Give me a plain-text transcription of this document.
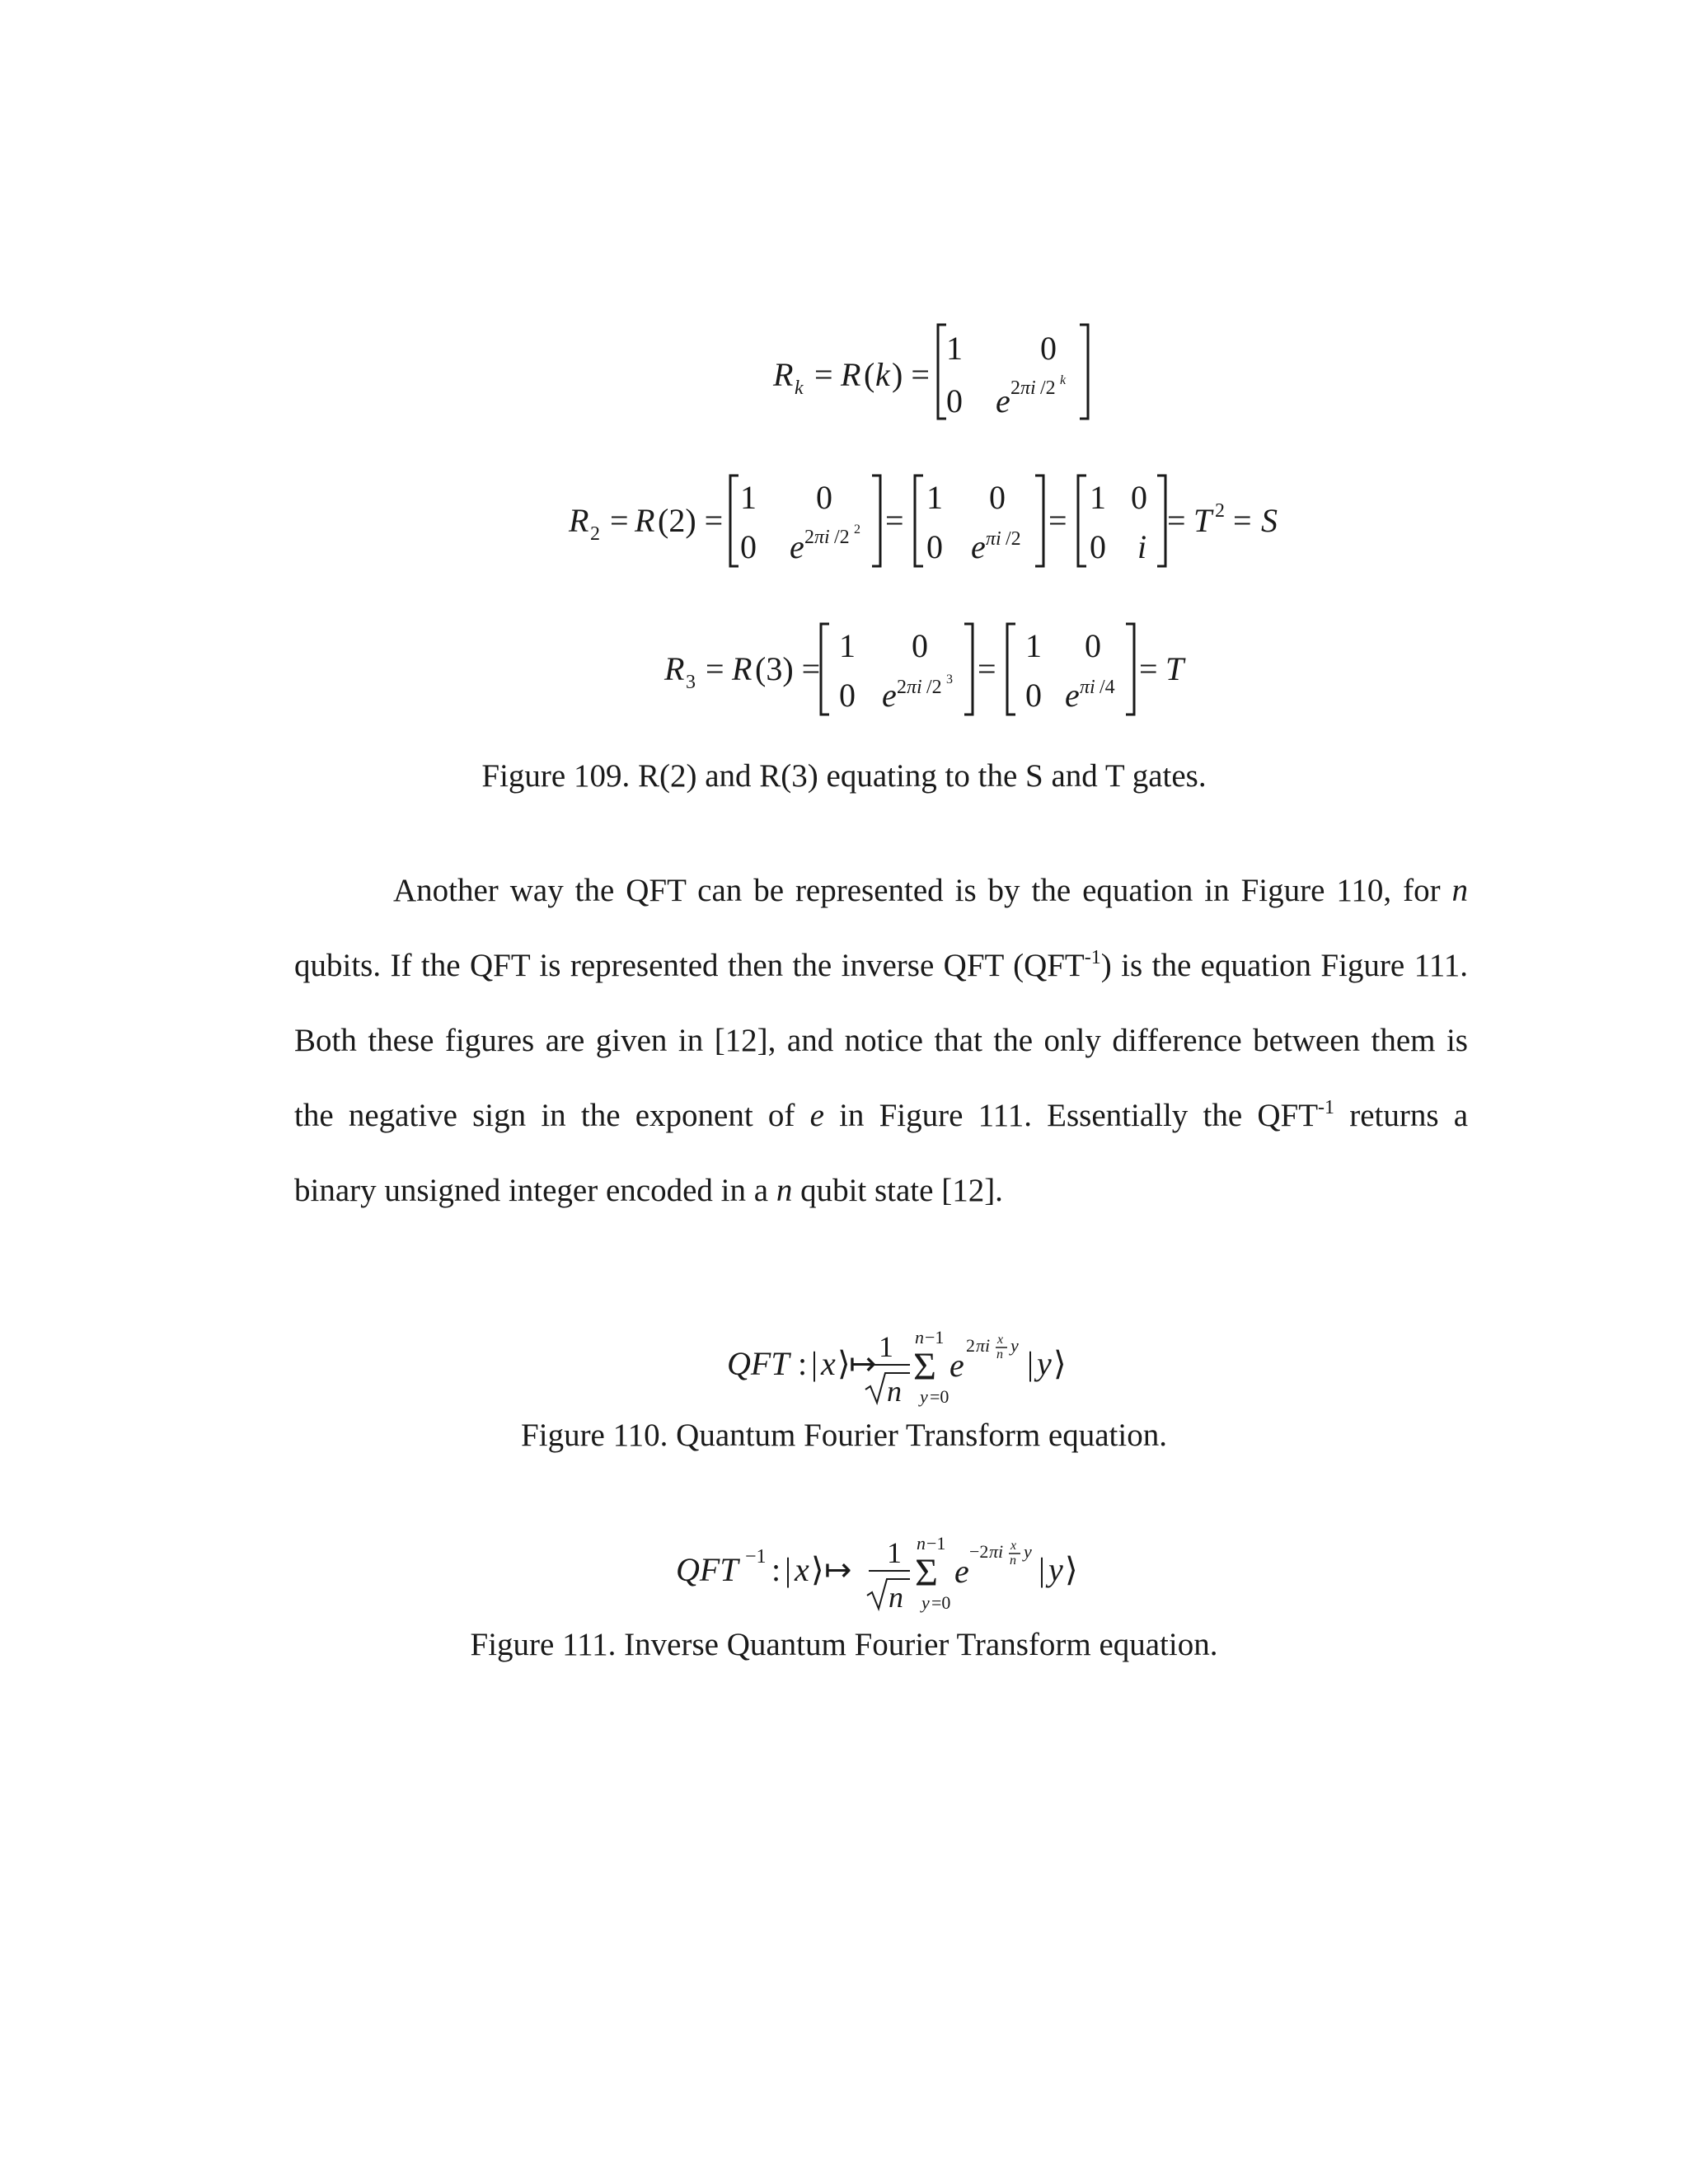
R k = R ( k ) =
1 0
0 e 2 πi /2 k
R 2 = R (2) =
1 0
0 e 2 πi /2 2 =
1 0
0 e πi /2 =
1 0
0 i
= T 2 = S
R 3 = R (3) =
1 0
0 e 2 πi /2 3 =
1 0
0 e πi /4 = T
Figure 109. R(2) and R(3) equating to the S and T gates.
Another way the QFT can be represented is by the equation in Figure 110, for n
qubits. If the QFT is represented then the inverse QFT $(QFT^{-1})$ is the equation Figure 111.
Both these figures are given in [12], and notice that the only difference between them is
the negative sign in the exponent of e in Figure 111. Essentially the $QFT^{-1}$ returns a
binary unsigned integer encoded in a n qubit state [12].
QFT : | x ⟩
↦ 1
n
n −1
Σ
y =0
e
2 πi x
n y | y ⟩
Figure 110. Quantum Fourier Transform equation.
QFT −1 : | x ⟩ ↦ 1
n
n −1
Σ
y =0
e
−2 πi x
n y | y ⟩
Figure 111. Inverse Quantum Fourier Transform equation.
